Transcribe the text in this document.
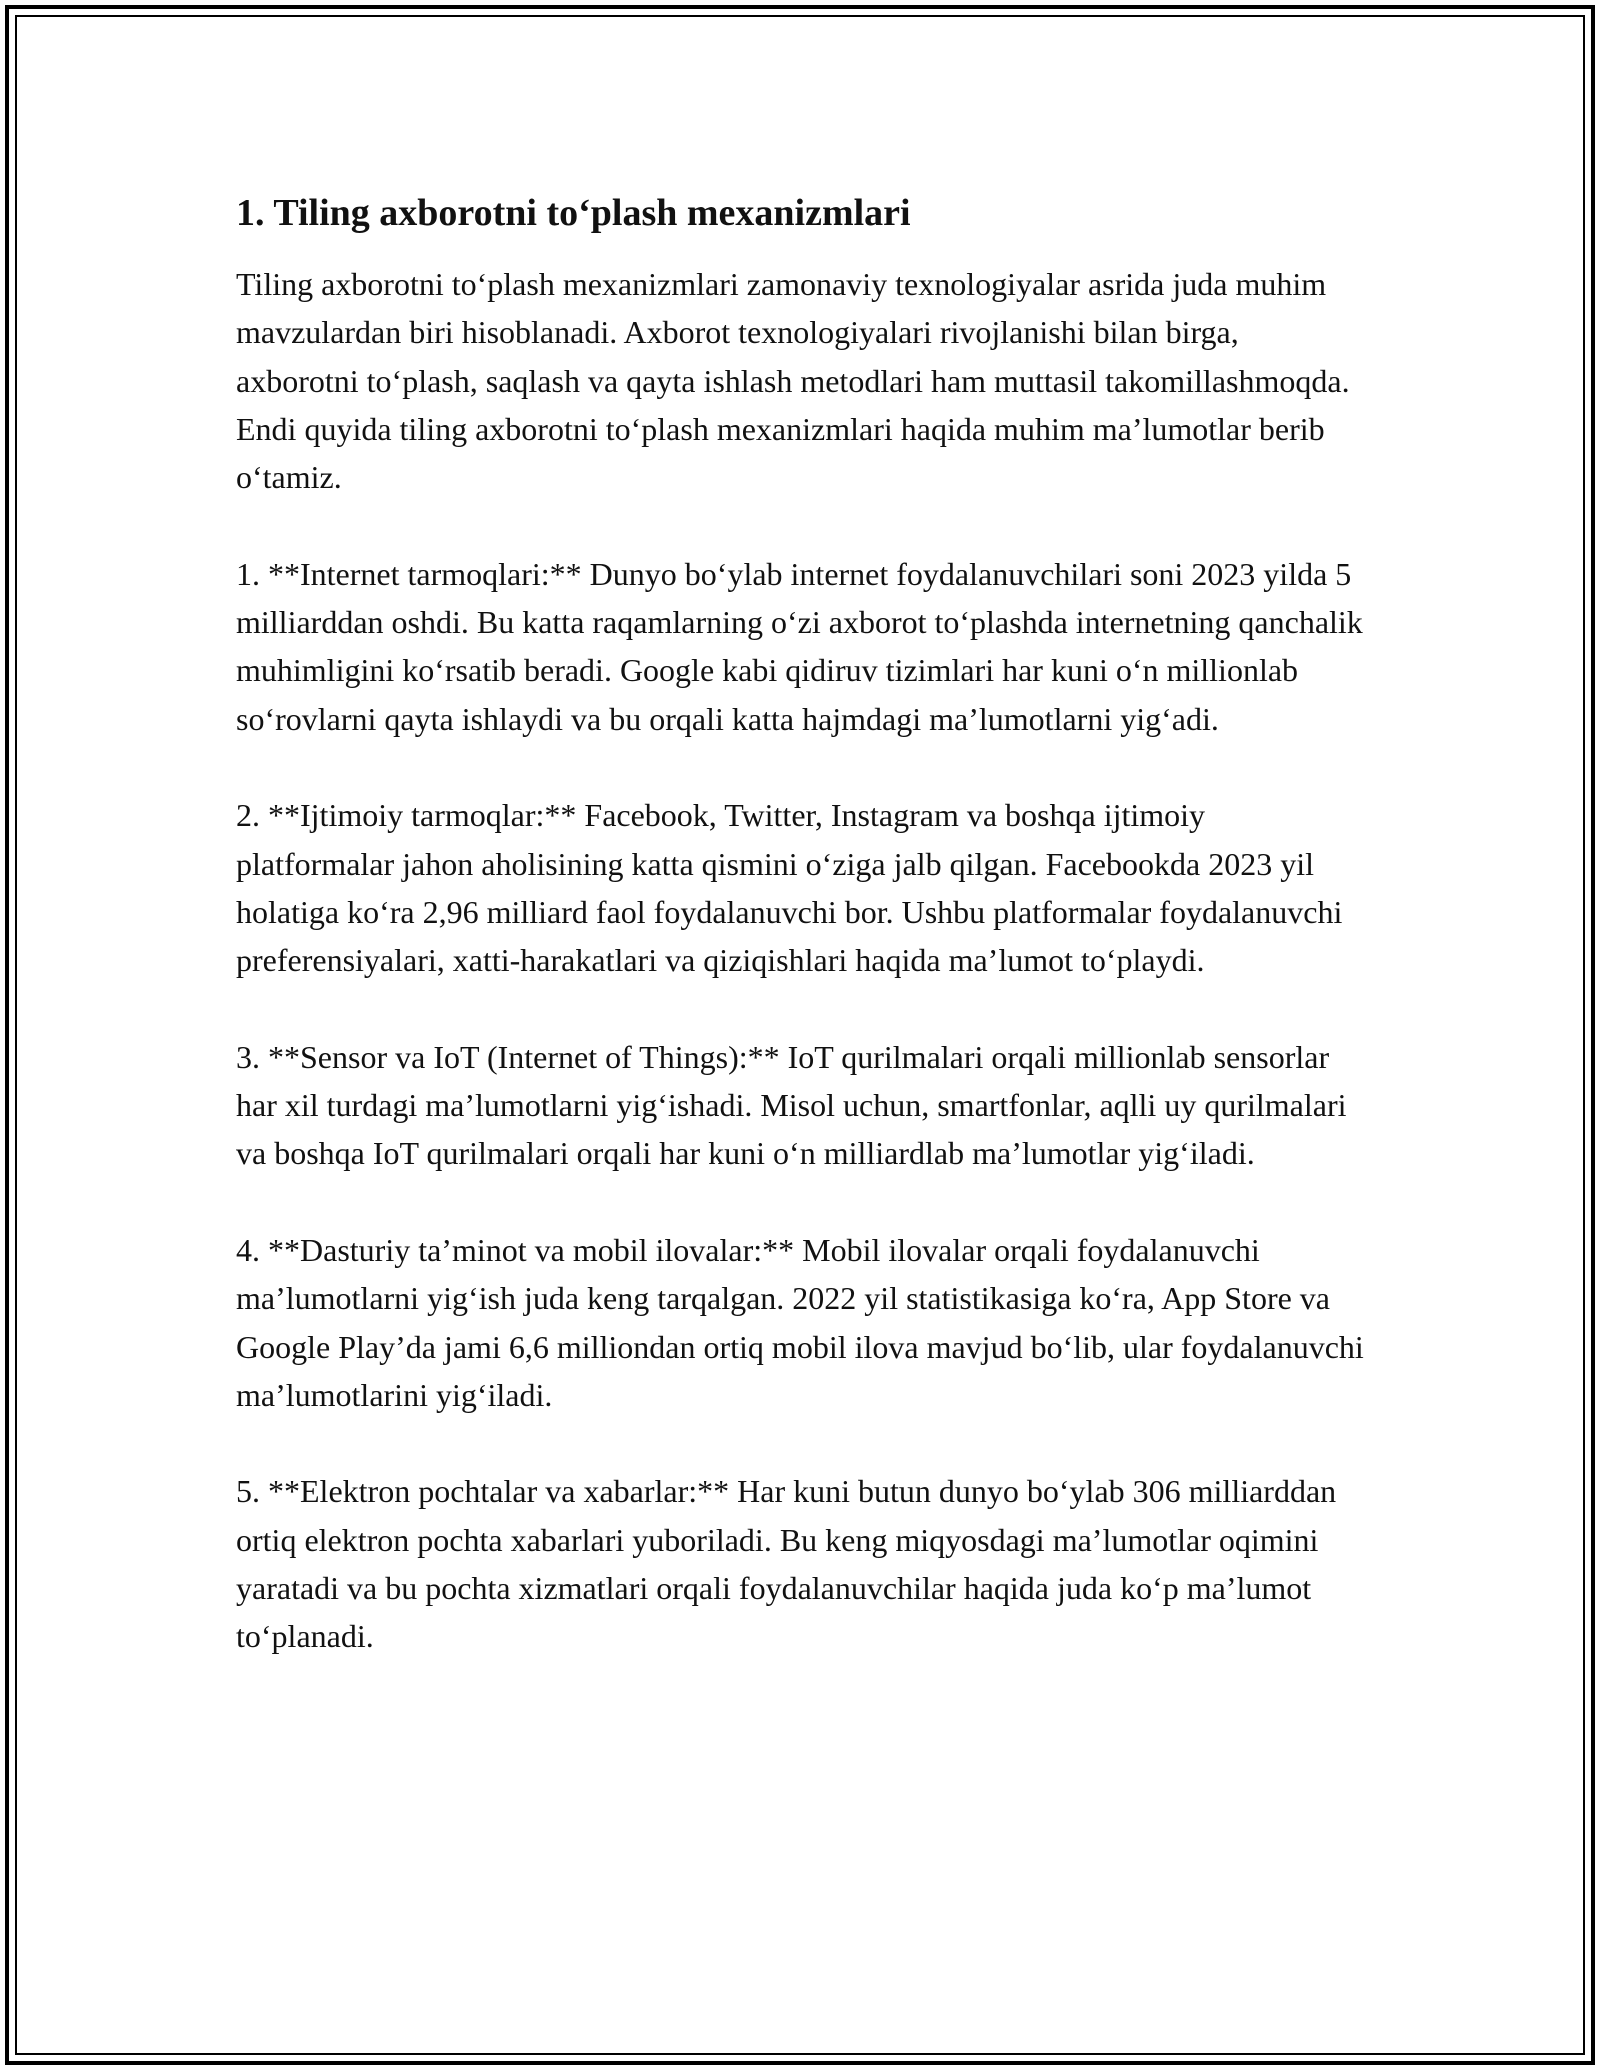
1. Tiling axborotni to‘plash mexanizmlari

Tiling axborotni to‘plash mexanizmlari zamonaviy texnologiyalar asrida juda muhim mavzulardan biri hisoblanadi. Axborot texnologiyalari rivojlanishi bilan birga, axborotni to‘plash, saqlash va qayta ishlash metodlari ham muttasil takomillashmoqda. Endi quyida tiling axborotni to‘plash mexanizmlari haqida muhim ma’lumotlar berib o‘tamiz.

1. **Internet tarmoqlari:** Dunyo bo‘ylab internet foydalanuvchilari soni 2023 yilda 5 milliarddan oshdi. Bu katta raqamlarning o‘zi axborot to‘plashda internetning qanchalik muhimligini ko‘rsatib beradi. Google kabi qidiruv tizimlari har kuni o‘n millionlab so‘rovlarni qayta ishlaydi va bu orqali katta hajmdagi ma’lumotlarni yig‘adi.

2. **Ijtimoiy tarmoqlar:** Facebook, Twitter, Instagram va boshqa ijtimoiy platformalar jahon aholisining katta qismini o‘ziga jalb qilgan. Facebookda 2023 yil holatiga ko‘ra 2,96 milliard faol foydalanuvchi bor. Ushbu platformalar foydalanuvchi preferensiyalari, xatti-harakatlari va qiziqishlari haqida ma’lumot to‘playdi.

3. **Sensor va IoT (Internet of Things):** IoT qurilmalari orqali millionlab sensorlar har xil turdagi ma’lumotlarni yig‘ishadi. Misol uchun, smartfonlar, aqlli uy qurilmalari va boshqa IoT qurilmalari orqali har kuni o‘n milliardlab ma’lumotlar yig‘iladi.

4. **Dasturiy ta’minot va mobil ilovalar:** Mobil ilovalar orqali foydalanuvchi ma’lumotlarni yig‘ish juda keng tarqalgan. 2022 yil statistikasiga ko‘ra, App Store va Google Play’da jami 6,6 milliondan ortiq mobil ilova mavjud bo‘lib, ular foydalanuvchi ma’lumotlarini yig‘iladi.

5. **Elektron pochtalar va xabarlar:** Har kuni butun dunyo bo‘ylab 306 milliarddan ortiq elektron pochta xabarlari yuboriladi. Bu keng miqyosdagi ma’lumotlar oqimini yaratadi va bu pochta xizmatlari orqali foydalanuvchilar haqida juda ko‘p ma’lumot to‘planadi.
